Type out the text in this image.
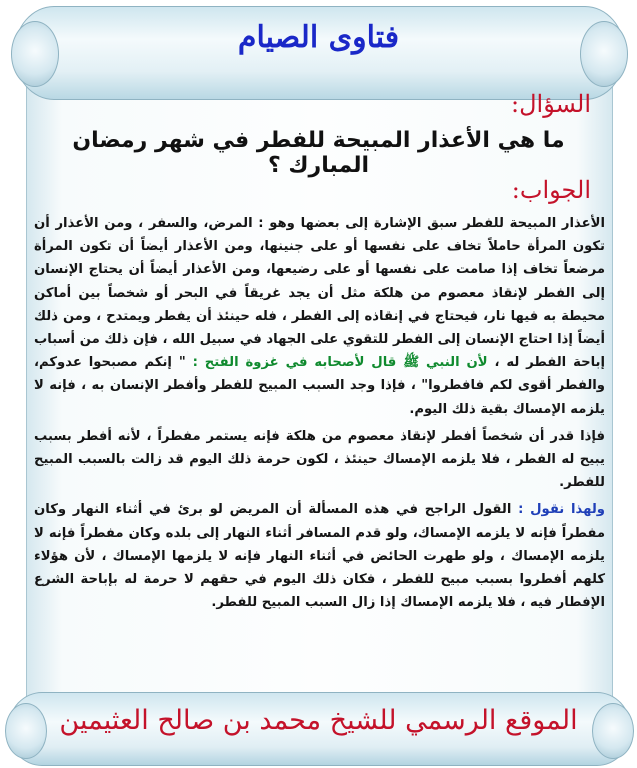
فتاوى الصيام
السؤال:
ما هي الأعذار المبيحة للفطر في شهر رمضان المبارك ؟
الجواب:

الأعذار المبيحة للفطر سبق الإشارة إلى بعضها وهو : المرض، والسفر ، ومن الأعذار أن تكون المرأة حاملاً تخاف على نفسها أو على جنينها، ومن الأعذار أيضاً أن تكون المرأة مرضعاً تخاف إذا صامت على نفسها أو على رضيعها، ومن الأعذار أيضاً أن يحتاج الإنسان إلى الفطر لإنقاذ معصوم من هلكة مثل أن يجد غريقاً في البحر أو شخصاً بين أماكن محيطة به فيها نار، فيحتاج في إنقاذه إلى الفطر ، فله حينئذ أن يفطر ويمتدح ، ومن ذلك أيضاً إذا احتاج الإنسان إلى الفطر للتقوي على الجهاد في سبيل الله ، فإن ذلك من أسباب إباحة الفطر له ، لأن النبي ﷺ قال لأصحابه في غزوة الفتح : " إنكم مصبحوا عدوكم، والفطر أقوى لكم فافطروا" ، فإذا وجد السبب المبيح للفطر وأفطر الإنسان به ، فإنه لا يلزمه الإمساك بقية ذلك اليوم.

فإذا قدر أن شخصاً أفطر لإنقاذ معصوم من هلكة فإنه يستمر مفطراً ، لأنه أفطر بسبب يبيح له الفطر ، فلا يلزمه الإمساك حينئذ ، لكون حرمة ذلك اليوم قد زالت بالسبب المبيح للفطر.

ولهذا نقول : القول الراجح في هذه المسألة أن المريض لو برئ في أثناء النهار وكان مفطراً فإنه لا يلزمه الإمساك، ولو قدم المسافر أثناء النهار إلى بلده وكان مفطراً فإنه لا يلزمه الإمساك ، ولو طهرت الحائض في أثناء النهار فإنه لا يلزمها الإمساك ، لأن هؤلاء كلهم أفطروا بسبب مبيح للفطر ، فكان ذلك اليوم في حقهم لا حرمة له بإباحة الشرع الإفطار فيه ، فلا يلزمه الإمساك إذا زال السبب المبيح للفطر.

الموقع الرسمي للشيخ محمد بن صالح العثيمين
